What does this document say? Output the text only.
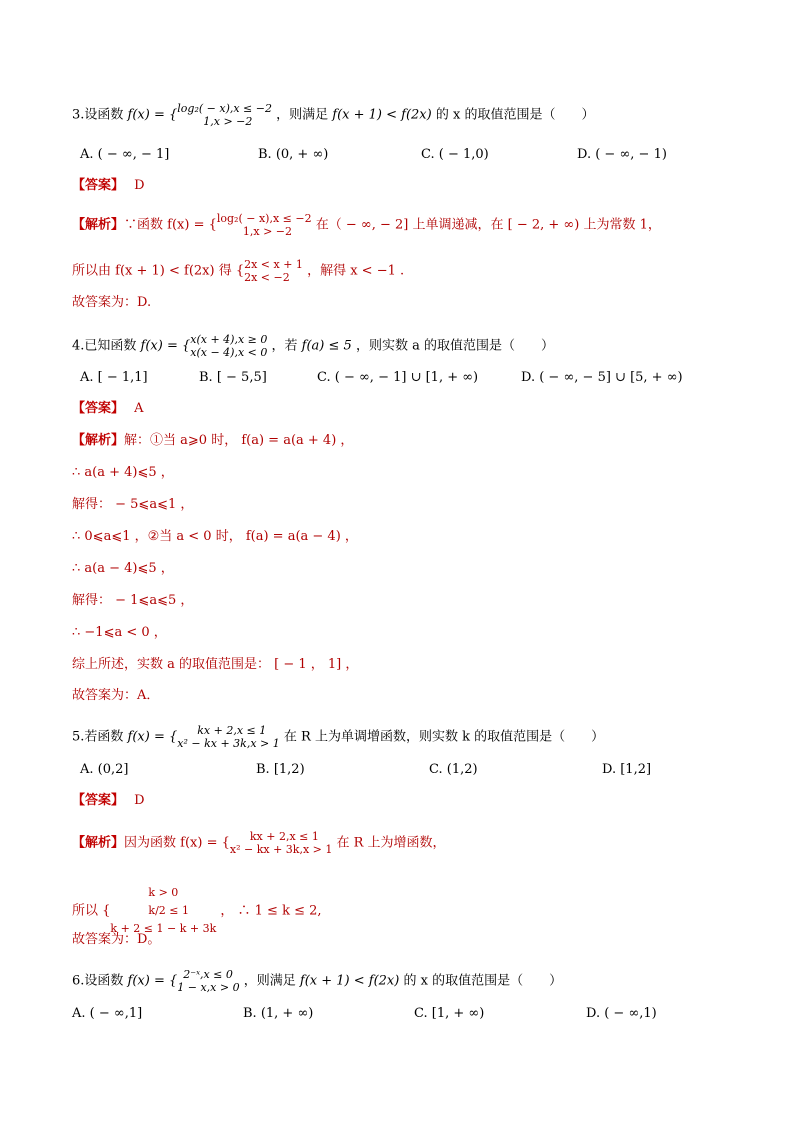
3.设函数 f(x) = { log₂( − x),x ≤ −2
1,x > −2	，则满足 f(x + 1) < f(2x) 的 x 的取值范围是（　　）
A. ( − ∞, − 1]	B. (0, + ∞)	C. ( − 1,0)	D. ( − ∞, − 1)
【答案】 D
【解析】∵函数 f(x) = { log₂( − x),x ≤ −2
1,x > −2	在（ − ∞, − 2] 上单调递减，在 [ − 2, + ∞) 上为常数 1，
所以由 f(x + 1) < f(2x) 得 { 2x < x + 1
2x < −2	，解得 x < −1 .
故答案为：D.
4.已知函数 f(x) = { x(x + 4),x ≥ 0
x(x − 4),x < 0 ，若 f(a) ≤ 5 ，则实数 a 的取值范围是（　　）
A. [ − 1,1]	B. [ − 5,5]	C. ( − ∞, − 1] ∪ [1, + ∞)	D. ( − ∞, − 5] ∪ [5, + ∞)
【答案】 A
【解析】解：①当 a⩾0 时， f(a) = a(a + 4) ，
∴ a(a + 4)⩽5 ，
解得： − 5⩽a⩽1 ，
∴ 0⩽a⩽1 ，②当 a < 0 时， f(a) = a(a − 4) ，
∴ a(a − 4)⩽5 ，
解得： − 1⩽a⩽5 ，
∴ −1⩽a < 0 ，
综上所述，实数 a 的取值范围是： [ − 1 ， 1] ，
故答案为：A．
5.若函数 f(x) = {	kx + 2,x ≤ 1
x² − kx + 3k,x > 1 在 R 上为单调增函数，则实数 k 的取值范围是（　　）
A. (0,2]	B. [1,2)	C. (1,2)	D. [1,2]
【答案】 D
【解析】因为函数 f(x) = {	kx + 2,x ≤ 1
x² − kx + 3k,x > 1 在 R 上为增函数，
所以 {
k > 0
k/2 ≤ 1
k + 2 ≤ 1 − k + 3k
， ∴ 1 ≤ k ≤ 2,
故答案为：D。
6.设函数 f(x) = { 2⁻ˣ,x ≤ 0
1 − x,x > 0 ，则满足 f(x + 1) < f(2x) 的 x 的取值范围是（　　）
A. ( − ∞,1]	B. (1, + ∞)	C. [1, + ∞)	D. ( − ∞,1)
